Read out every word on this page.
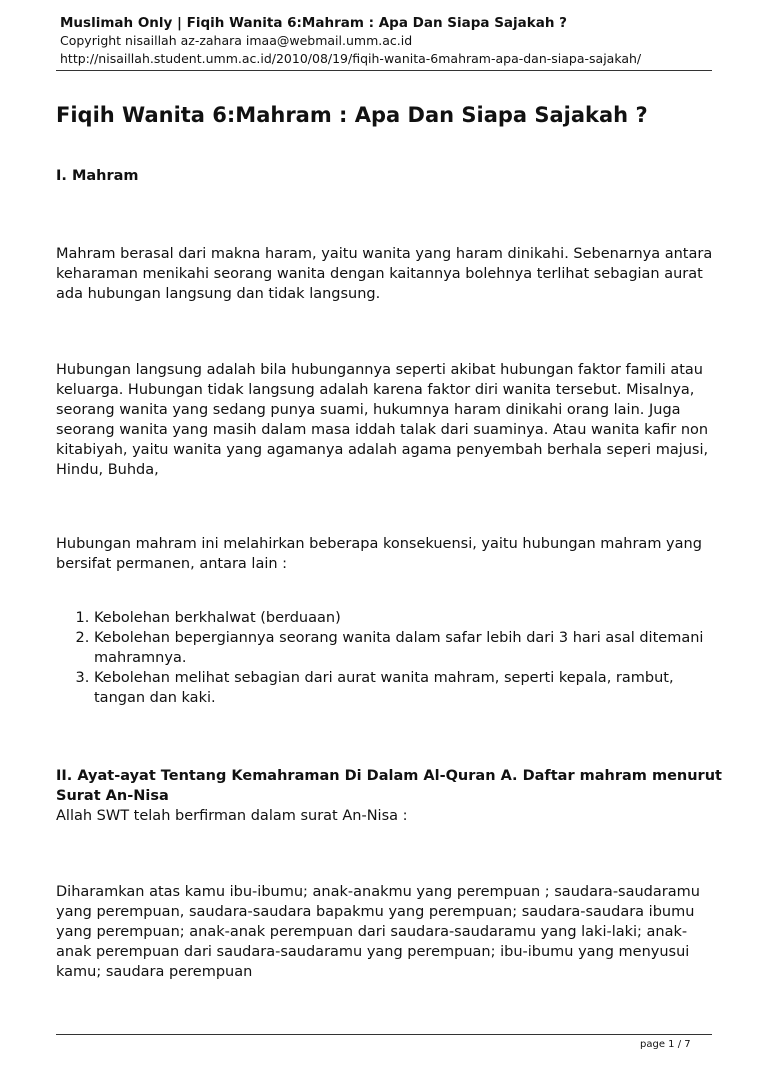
Muslimah Only | Fiqih Wanita 6:Mahram : Apa Dan Siapa Sajakah ?
Copyright nisaillah az-zahara imaa@webmail.umm.ac.id
http://nisaillah.student.umm.ac.id/2010/08/19/fiqih-wanita-6mahram-apa-dan-siapa-sajakah/
Fiqih Wanita 6:Mahram : Apa Dan Siapa Sajakah ?
I. Mahram

Mahram berasal dari makna haram, yaitu wanita yang haram dinikahi. Sebenarnya antara keharaman menikahi seorang wanita dengan kaitannya bolehnya terlihat sebagian aurat ada hubungan langsung dan tidak langsung.

Hubungan langsung adalah bila hubungannya seperti akibat hubungan faktor famili atau keluarga. Hubungan tidak langsung adalah karena faktor diri wanita tersebut. Misalnya, seorang wanita yang sedang punya suami, hukumnya haram dinikahi orang lain. Juga seorang wanita yang masih dalam masa iddah talak dari suaminya. Atau wanita kafir non kitabiyah, yaitu wanita yang agamanya adalah agama penyembah berhala seperi majusi, Hindu, Buhda,

Hubungan mahram ini melahirkan beberapa konsekuensi, yaitu hubungan mahram yang bersifat permanen, antara lain :

1. Kebolehan berkhalwat (berduaan)
2. Kebolehan bepergiannya seorang wanita dalam safar lebih dari 3 hari asal ditemani mahramnya.
3. Kebolehan melihat sebagian dari aurat wanita mahram, seperti kepala, rambut, tangan dan kaki.
II. Ayat-ayat Tentang Kemahraman Di Dalam Al-Quran A. Daftar mahram menurut Surat An-Nisa

Allah SWT telah berfirman dalam surat An-Nisa :

Diharamkan atas kamu ibu-ibumu; anak-anakmu yang perempuan ; saudara-saudaramu yang perempuan, saudara-saudara bapakmu yang perempuan; saudara-saudara ibumu yang perempuan; anak-anak perempuan dari saudara-saudaramu yang laki-laki; anak-anak perempuan dari saudara-saudaramu yang perempuan; ibu-ibumu yang menyusui kamu; saudara perempuan

page 1 / 7
